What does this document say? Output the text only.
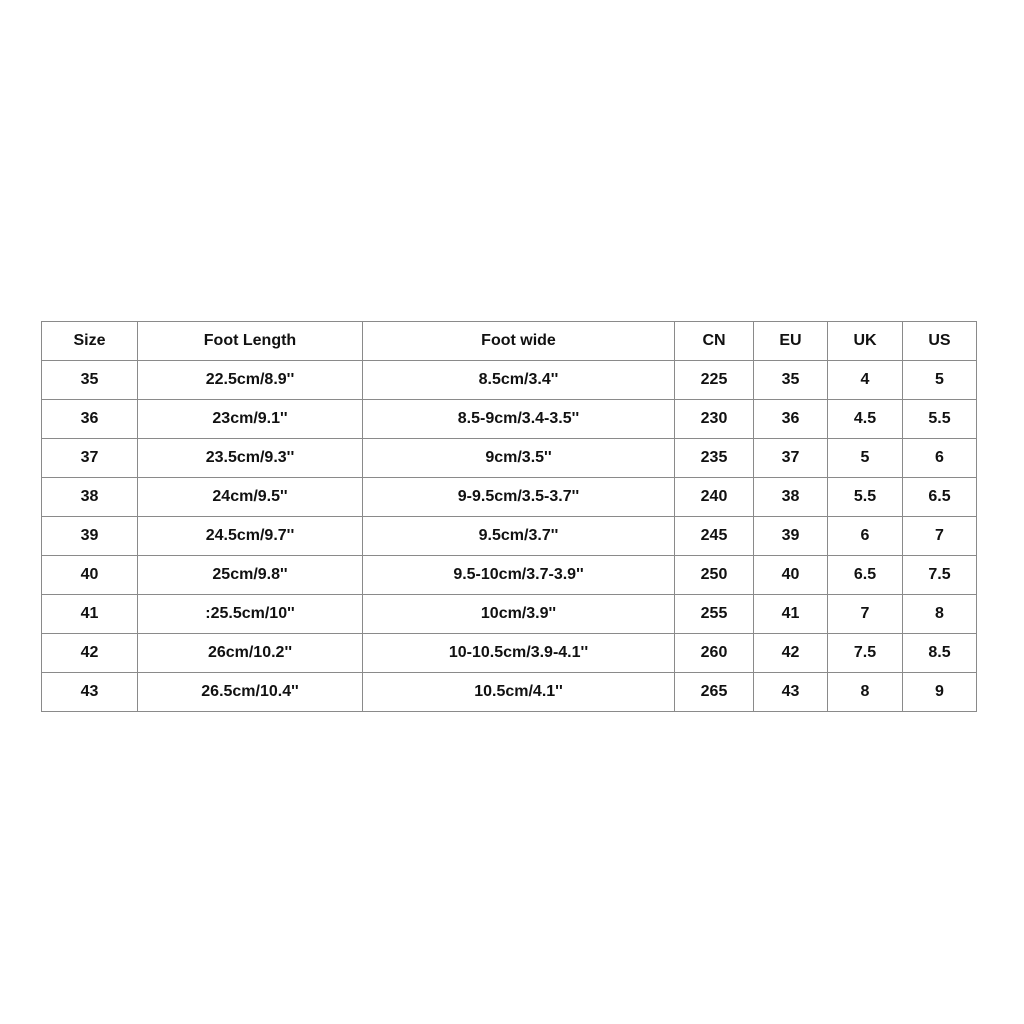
Size	Foot Length	Foot wide	CN	EU	UK	US
35	22.5cm/8.9''	8.5cm/3.4''	225	35	4	5
36	23cm/9.1''	8.5-9cm/3.4-3.5''	230	36	4.5	5.5
37	23.5cm/9.3''	9cm/3.5''	235	37	5	6
38	24cm/9.5''	9-9.5cm/3.5-3.7''	240	38	5.5	6.5
39	24.5cm/9.7''	9.5cm/3.7''	245	39	6	7
40	25cm/9.8''	9.5-10cm/3.7-3.9''	250	40	6.5	7.5
41	:25.5cm/10''	10cm/3.9''	255	41	7	8
42	26cm/10.2''	10-10.5cm/3.9-4.1''	260	42	7.5	8.5
43	26.5cm/10.4''	10.5cm/4.1''	265	43	8	9
